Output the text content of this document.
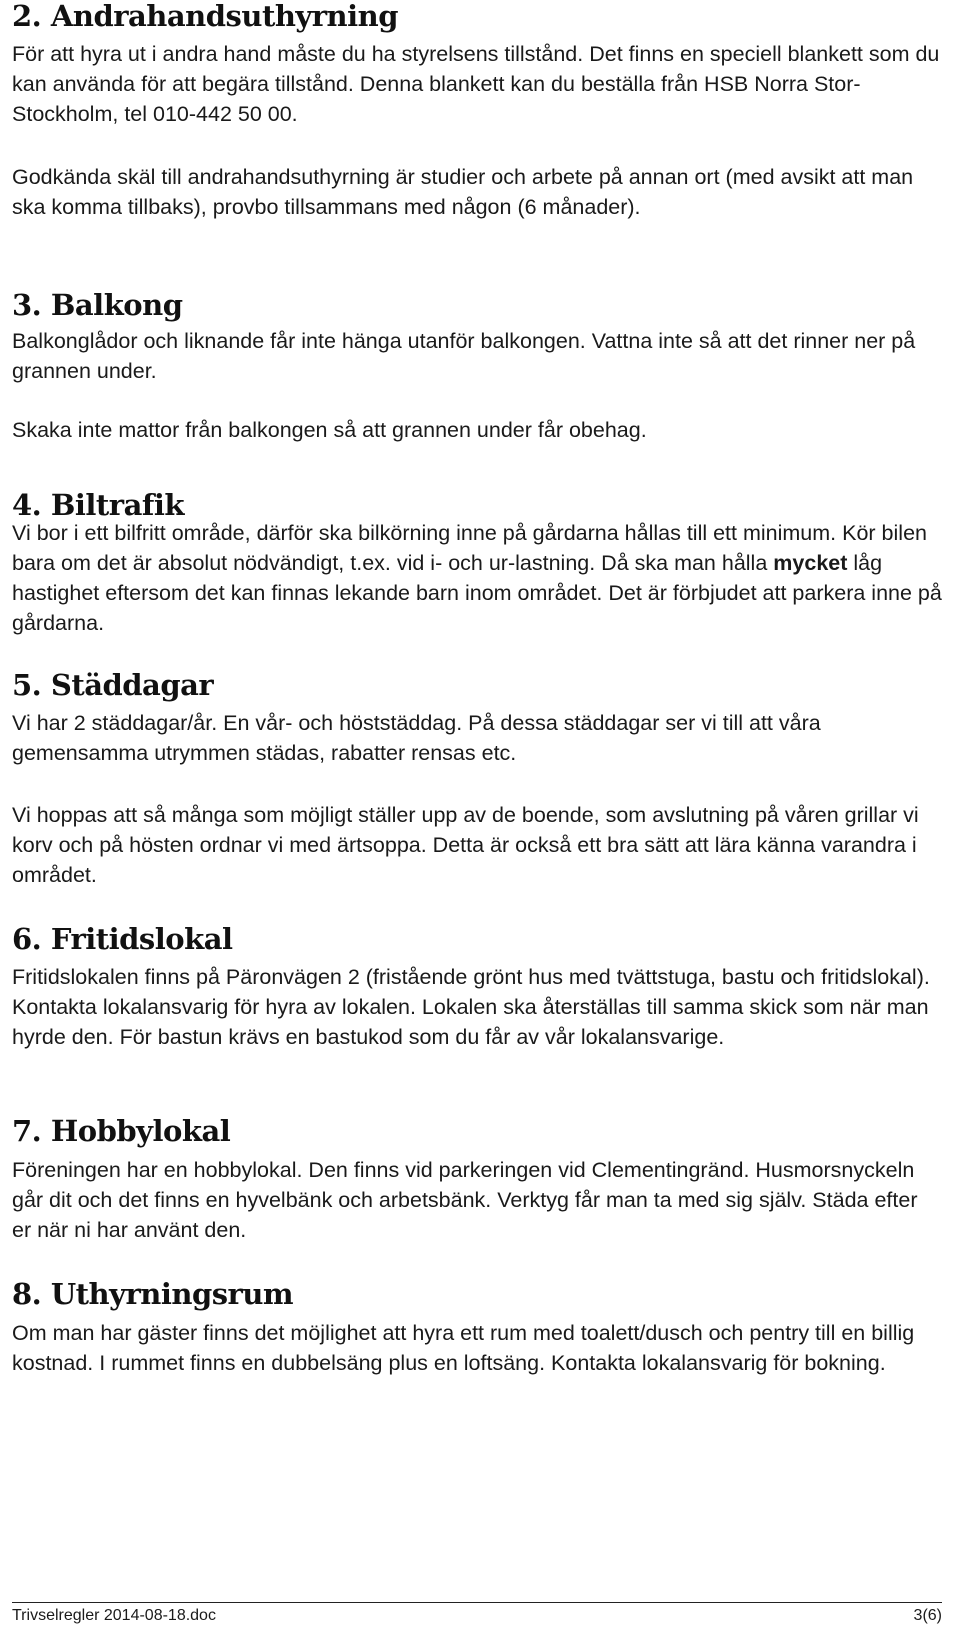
2. Andrahandsuthyrning

För att hyra ut i andra hand måste du ha styrelsens tillstånd. Det finns en speciell blankett som du kan använda för att begära tillstånd. Denna blankett kan du beställa från HSB Norra Stor-Stockholm, tel 010-442 50 00.

Godkända skäl till andrahandsuthyrning är studier och arbete på annan ort (med avsikt att man ska komma tillbaks), provbo tillsammans med någon (6 månader).

3. Balkong

Balkonglådor och liknande får inte hänga utanför balkongen. Vattna inte så att det rinner ner på grannen under.

Skaka inte mattor från balkongen så att grannen under får obehag.

4. Biltrafik

Vi bor i ett bilfritt område, därför ska bilkörning inne på gårdarna hållas till ett minimum. Kör bilen bara om det är absolut nödvändigt, t.ex. vid i- och ur-lastning. Då ska man hålla mycket låg hastighet eftersom det kan finnas lekande barn inom området. Det är förbjudet att parkera inne på gårdarna.

5. Städdagar

Vi har 2 städdagar/år. En vår- och höststäddag. På dessa städdagar ser vi till att våra gemensamma utrymmen städas, rabatter rensas etc.

Vi hoppas att så många som möjligt ställer upp av de boende, som avslutning på våren grillar vi korv och på hösten ordnar vi med ärtsoppa. Detta är också ett bra sätt att lära känna varandra i området.

6. Fritidslokal

Fritidslokalen finns på Päronvägen 2 (fristående grönt hus med tvättstuga, bastu och fritidslokal). Kontakta lokalansvarig för hyra av lokalen. Lokalen ska återställas till samma skick som när man hyrde den. För bastun krävs en bastukod som du får av vår lokalansvarige.

7. Hobbylokal

Föreningen har en hobbylokal. Den finns vid parkeringen vid Clementingränd. Husmorsnyckeln går dit och det finns en hyvelbänk och arbetsbänk. Verktyg får man ta med sig själv. Städa efter er när ni har använt den.

8. Uthyrningsrum

Om man har gäster finns det möjlighet att hyra ett rum med toalett/dusch och pentry till en billig kostnad. I rummet finns en dubbelsäng plus en loftsäng. Kontakta lokalansvarig för bokning.

Trivselregler 2014-08-18.doc	3(6)
